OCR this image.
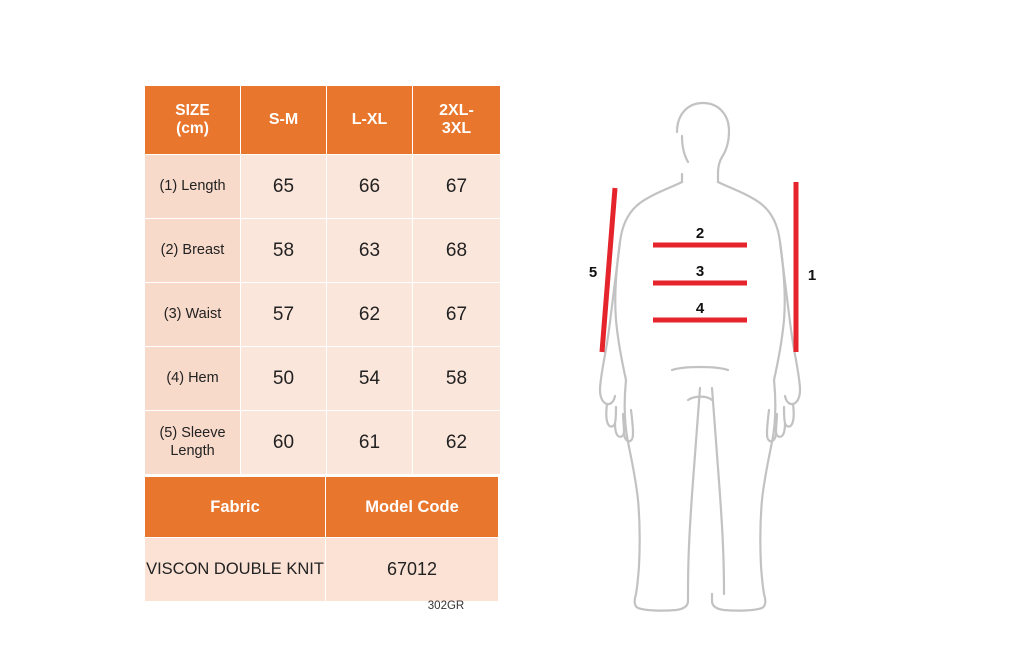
SIZE
(cm)
	S-M	L-XL	2XL-
3XL
(1) Length	65	66	67
(2) Breast	58	63	68
(3) Waist	57	62	67
(4) Hem	50	54	58
(5) Sleeve
Length	60	61	62
Fabric	Model Code
VISCON DOUBLE KNIT	67012
302GR
1
2
3
4
5
